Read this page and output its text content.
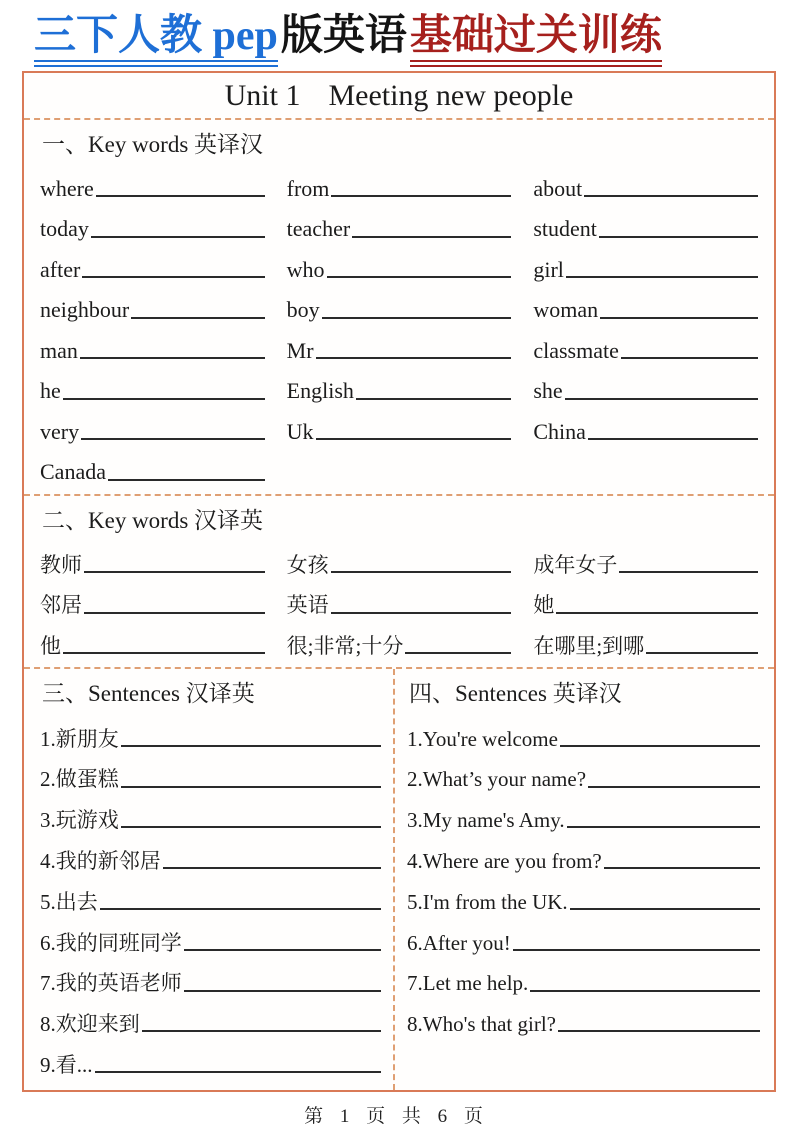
三下人教 pep版英语基础过关训练
Unit 1 Meeting new people
一、Key words 英译汉
where	from	about
today	teacher	student
after	who	girl
neighbour	boy	woman
man	Mr	classmate
he	English	she
very	Uk	China
Canada
二、Key words 汉译英
教师	女孩	成年女子
邻居	英语	她
他	很;非常;十分	在哪里;到哪
三、Sentences 汉译英
1.新朋友
2.做蛋糕
3.玩游戏
4.我的新邻居
5.出去
6.我的同班同学
7.我的英语老师
8.欢迎来到
9.看...
四、Sentences 英译汉
1.You're welcome
2.What’s your name?
3.My name's Amy.
4.Where are you from?
5.I'm from the UK.
6.After you!
7.Let me help.
8.Who's that girl?
第 1 页 共 6 页
